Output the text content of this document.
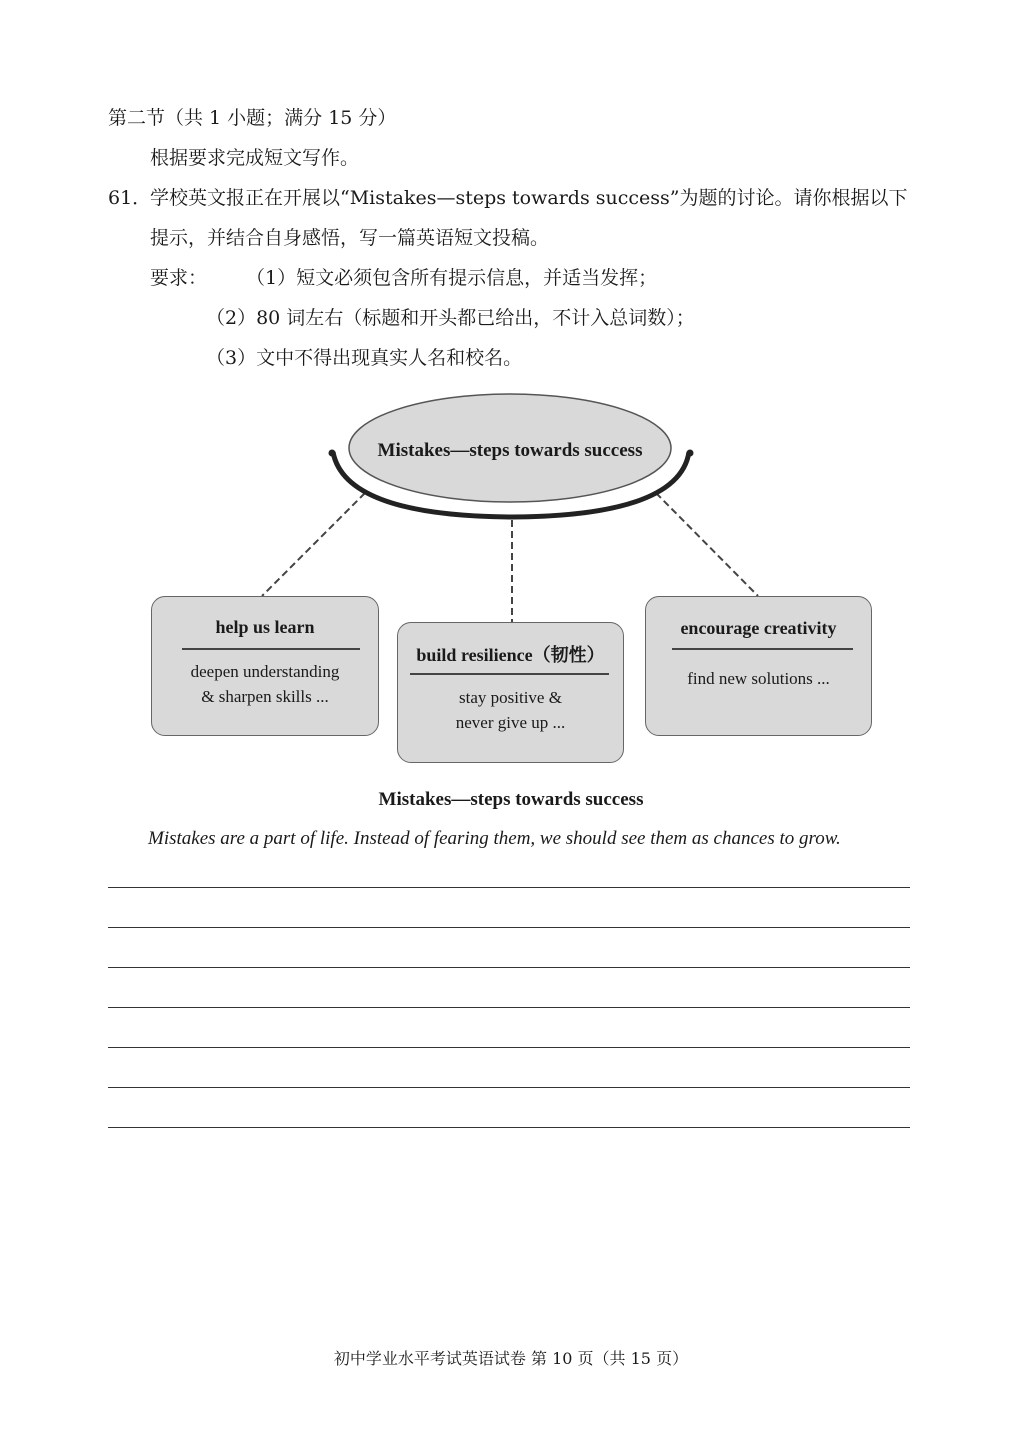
第二节（共 1 小题；满分 15 分）
根据要求完成短文写作。
61．
学校英文报正在开展以“Mistakes—steps towards success”为题的讨论。请你根据以下
提示，并结合自身感悟，写一篇英语短文投稿。
要求： （1）短文必须包含所有提示信息，并适当发挥；
（2）80 词左右（标题和开头都已给出，不计入总词数）；
（3）文中不得出现真实人名和校名。
Mistakes—steps towards success
help us learn
deepen understanding
& sharpen skills ...
build resilience（韧性）
stay positive &
never give up ...
encourage creativity
find new solutions ...
Mistakes—steps towards success
Mistakes are a part of life. Instead of fearing them, we should see them as chances to grow.
初中学业水平考试英语试卷 第 10 页（共 15 页）
